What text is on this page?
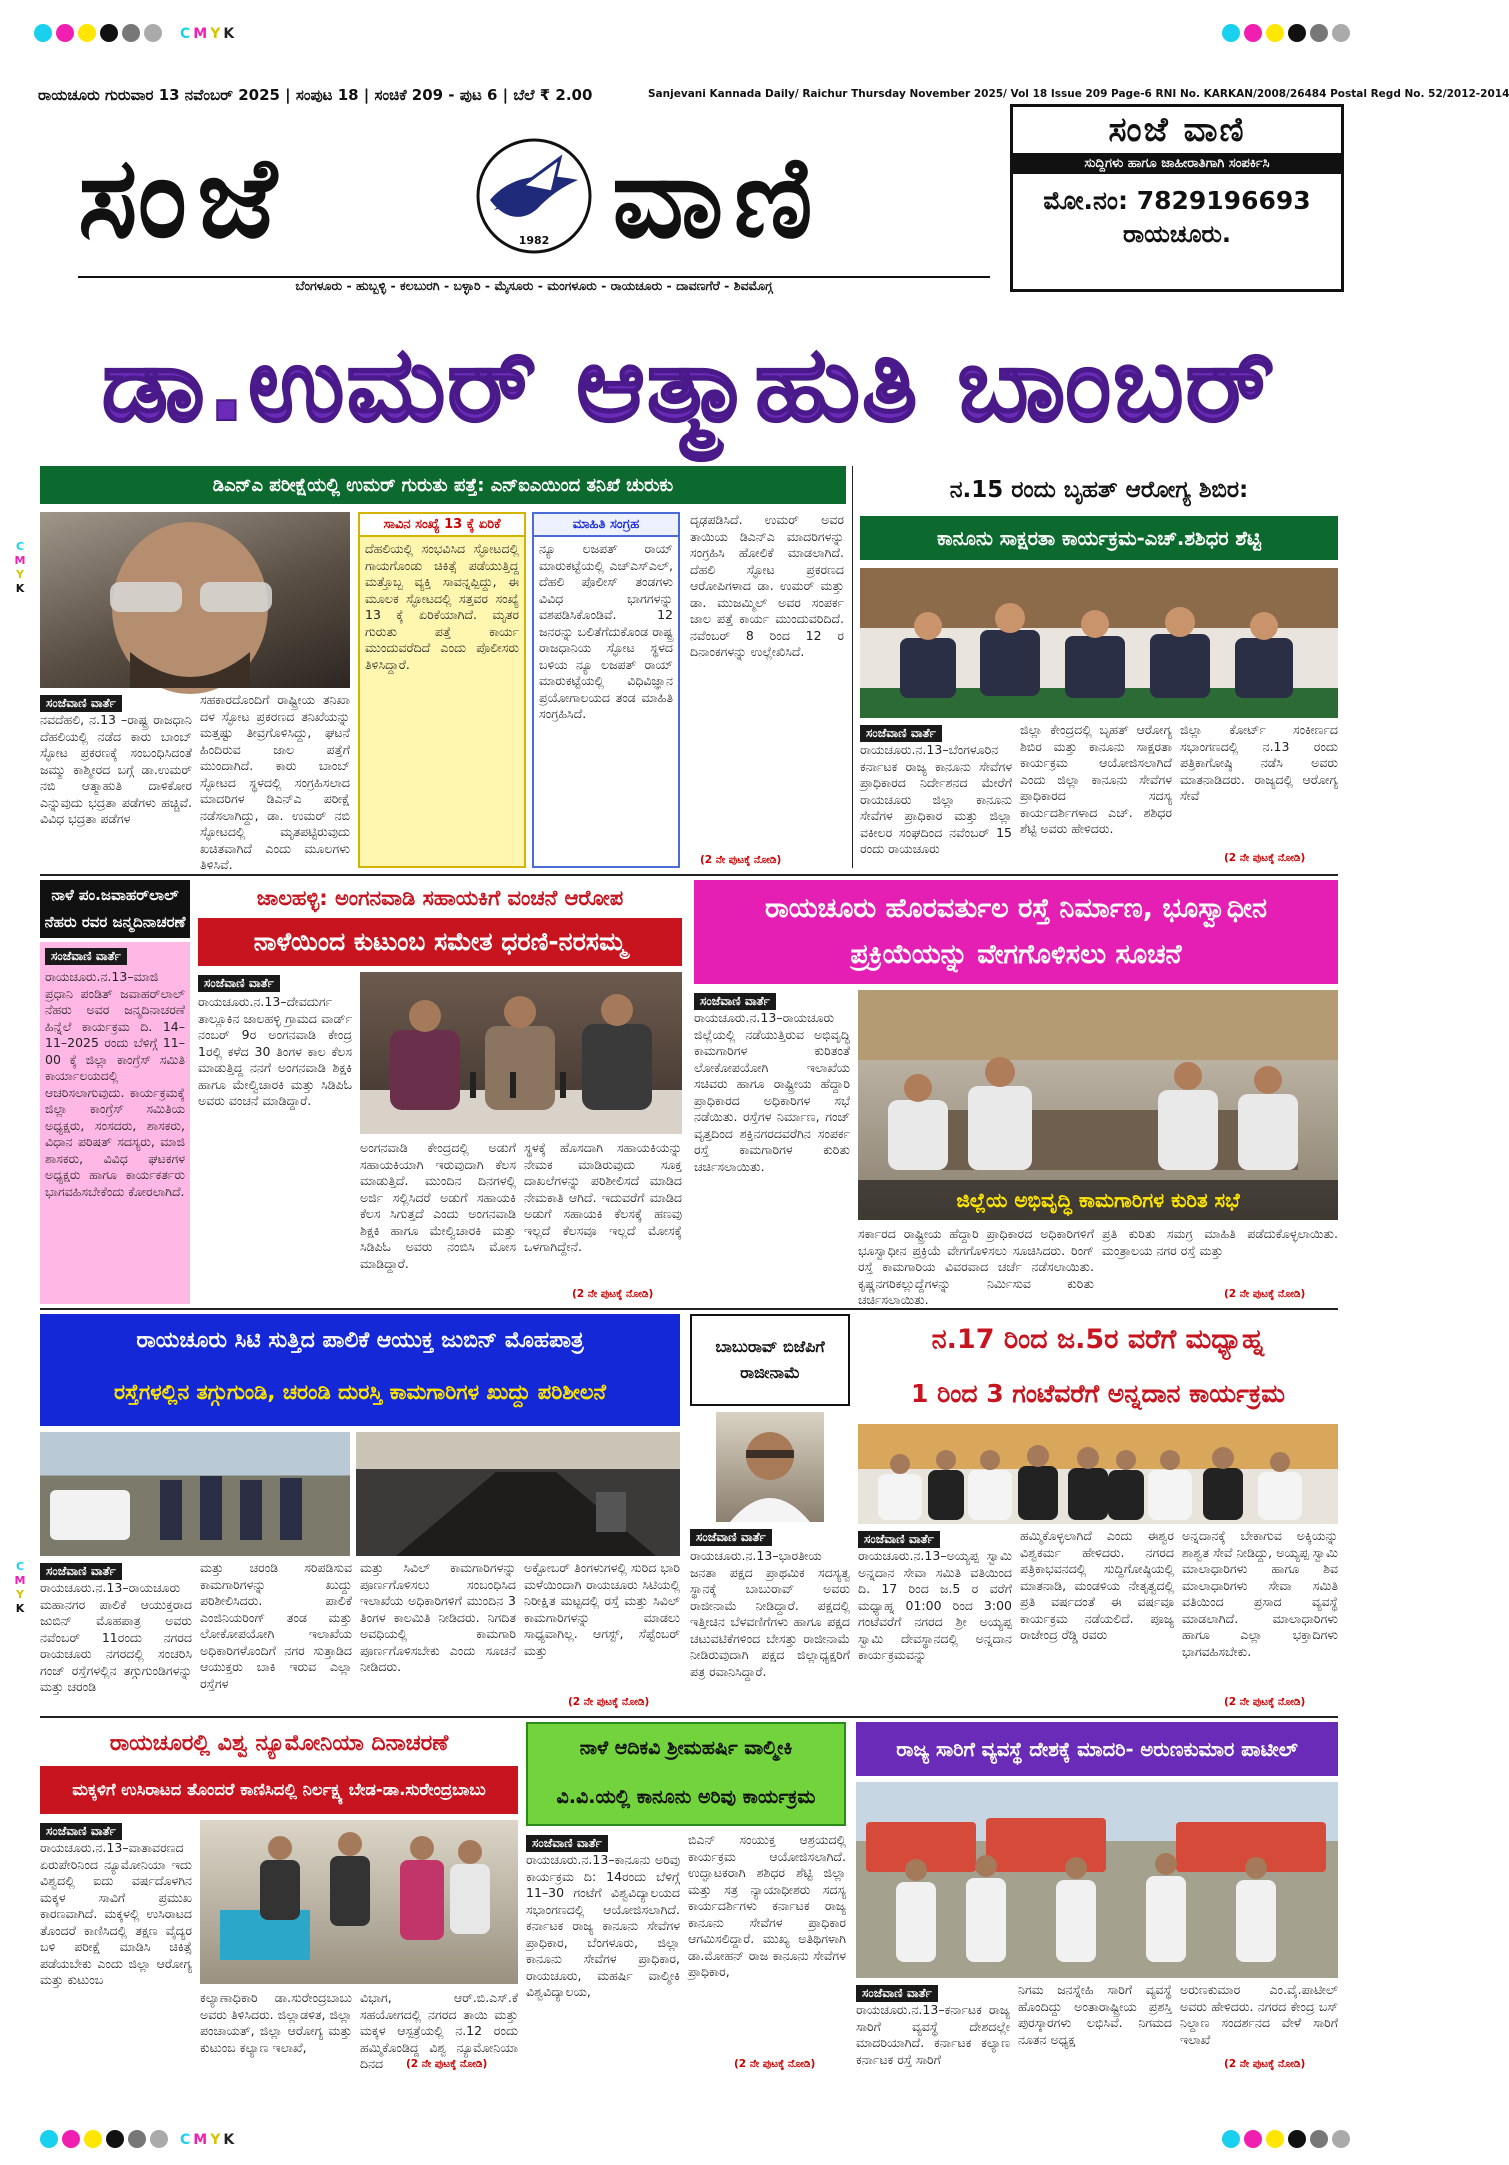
CMYK
ರಾಯಚೂರು ಗುರುವಾರ 13 ನವೆಂಬರ್ 2025 | ಸಂಪುಟ 18 | ಸಂಚಿಕೆ 209 - ಪುಟ 6 | ಬೆಲೆ ₹ 2.00	Sanjevani Kannada Daily/ Raichur Thursday November 2025/ Vol 18 Issue 209 Page-6 RNI No. KARKAN/2008/26484 Postal Regd No. 52/2012-2014
ಸಂಜೆ	1982 ವಾಣಿ
ಬೆಂಗಳೂರು - ಹುಬ್ಬಳ್ಳಿ - ಕಲಬುರಗಿ - ಬಳ್ಳಾರಿ - ಮೈಸೂರು - ಮಂಗಳೂರು - ರಾಯಚೂರು - ದಾವಣಗೆರೆ - ಶಿವಮೊಗ್ಗ
ಸಂಜೆ ವಾಣಿ
ಸುದ್ದಿಗಳು ಹಾಗೂ ಜಾಹೀರಾತಿಗಾಗಿ ಸಂಪರ್ಕಿಸಿ
ಮೋ.ನಂ: 7829196693
ರಾಯಚೂರು.
ಡಾ.ಉಮರ್ ಆತ್ಮಾಹುತಿ ಬಾಂಬರ್
ಡಿಎನ್‌ಎ ಪರೀಕ್ಷೆಯಲ್ಲಿ ಉಮರ್ ಗುರುತು ಪತ್ತೆ: ಎನ್‌ಐಎಯಿಂದ ತನಿಖೆ ಚುರುಕು
ಸಂಜೆವಾಣಿ ವಾರ್ತೆ
ನವದೆಹಲಿ, ನ.13 –ರಾಷ್ಟ್ರ ರಾಜಧಾನಿ ದೆಹಲಿಯಲ್ಲಿ ನಡೆದ ಕಾರು ಬಾಂಬ್ ಸ್ಫೋಟ ಪ್ರಕರಣಕ್ಕೆ ಸಂಬಂಧಿಸಿದಂತೆ ಜಮ್ಮು ಕಾಶ್ಮೀರದ ಬಗ್ಗೆ ಡಾ.ಉಮರ್ ನಬಿ ಆತ್ಮಾಹುತಿ ದಾಳಿಕೋರ ಎನ್ನುವುದು ಭದ್ರತಾ ಪಡೆಗಳು ಹಚ್ಚಿವೆ. ವಿವಿಧ ಭದ್ರತಾ ಪಡೆಗಳ
ಸಹಕಾರದೊಂದಿಗೆ ರಾಷ್ಟ್ರೀಯ ತನಿಖಾ ದಳ ಸ್ಫೋಟ ಪ್ರಕರಣದ ತನಿಖೆಯನ್ನು ಮತ್ತಷ್ಟು ತೀವ್ರಗೊಳಿಸಿದ್ದು, ಘಟನೆ ಹಿಂದಿರುವ ಜಾಲ ಪತ್ತೆಗೆ ಮುಂದಾಗಿದೆ. ಕಾರು ಬಾಂಬ್ ಸ್ಫೋಟದ ಸ್ಥಳದಲ್ಲಿ ಸಂಗ್ರಹಿಸಲಾದ ಮಾದರಿಗಳ ಡಿಎನ್‌ಎ ಪರೀಕ್ಷೆ ನಡೆಸಲಾಗಿದ್ದು, ಡಾ. ಉಮರ್ ನಬಿ ಸ್ಫೋಟದಲ್ಲಿ ಮೃತಪಟ್ಟಿರುವುದು ಖಚಿತವಾಗಿದೆ ಎಂದು ಮೂಲಗಳು ತಿಳಿಸಿವೆ.
ಸಾವಿನ ಸಂಖ್ಯೆ 13 ಕ್ಕೆ ಏರಿಕೆ
ದೆಹಲಿಯಲ್ಲಿ ಸಂಭವಿಸಿದ ಸ್ಫೋಟದಲ್ಲಿ ಗಾಯಗೊಂಡು ಚಿಕಿತ್ಸೆ ಪಡೆಯುತ್ತಿದ್ದ ಮತ್ತೊಬ್ಬ ವ್ಯಕ್ತಿ ಸಾವನ್ನಪ್ಪಿದ್ದು, ಈ ಮೂಲಕ ಸ್ಫೋಟದಲ್ಲಿ ಸತ್ತವರ ಸಂಖ್ಯೆ 13 ಕ್ಕೆ ಏರಿಕೆಯಾಗಿದೆ. ಮೃತರ ಗುರುತು ಪತ್ತೆ ಕಾರ್ಯ ಮುಂದುವರೆದಿದೆ ಎಂದು ಪೊಲೀಸರು ತಿಳಿಸಿದ್ದಾರೆ.
ಮಾಹಿತಿ ಸಂಗ್ರಹ
ನ್ಯೂ ಲಜಪತ್ ರಾಯ್ ಮಾರುಕಟ್ಟೆಯಲ್ಲಿ ಎಚ್‌ಎಸ್‌ಎಲ್, ದೆಹಲಿ ಪೊಲೀಸ್ ತಂಡಗಳು ವಿವಿಧ ಭಾಗಗಳನ್ನು ವಶಪಡಿಸಿಕೊಂಡಿವೆ. 12 ಜನರನ್ನು ಬಲಿತೆಗೆದುಕೊಂಡ ರಾಷ್ಟ್ರ ರಾಜಧಾನಿಯ ಸ್ಫೋಟ ಸ್ಥಳದ ಬಳಿಯ ನ್ಯೂ ಲಜಪತ್ ರಾಯ್ ಮಾರುಕಟ್ಟೆಯಲ್ಲಿ ವಿಧಿವಿಜ್ಞಾನ ಪ್ರಯೋಗಾಲಯದ ತಂಡ ಮಾಹಿತಿ ಸಂಗ್ರಹಿಸಿದೆ.
ದೃಢಪಡಿಸಿದೆ. ಉಮರ್ ಅವರ ತಾಯಿಯ ಡಿಎನ್‌ಎ ಮಾದರಿಗಳನ್ನು ಸಂಗ್ರಹಿಸಿ ಹೋಲಿಕೆ ಮಾಡಲಾಗಿದೆ. ದೆಹಲಿ ಸ್ಫೋಟ ಪ್ರಕರಣದ ಆರೋಪಿಗಳಾದ ಡಾ. ಉಮರ್ ಮತ್ತು ಡಾ. ಮುಜಮ್ಮಿಲ್ ಅವರ ಸಂಪರ್ಕ ಜಾಲ ಪತ್ತೆ ಕಾರ್ಯ ಮುಂದುವರಿದಿದೆ. ನವೆಂಬರ್ 8 ರಿಂದ 12 ರ ದಿನಾಂಕಗಳನ್ನು ಉಲ್ಲೇಖಿಸಿದೆ.
(2 ನೇ ಪುಟಕ್ಕೆ ನೋಡಿ)
ನ.15 ರಂದು ಬೃಹತ್ ಆರೋಗ್ಯ ಶಿಬಿರ:
ಕಾನೂನು ಸಾಕ್ಷರತಾ ಕಾರ್ಯಕ್ರಮ-ಎಚ್.ಶಶಿಧರ ಶೆಟ್ಟಿ
ಸಂಜೆವಾಣಿ ವಾರ್ತೆ
ರಾಯಚೂರು.ನ.13–ಬೆಂಗಳೂರಿನ ಕರ್ನಾಟಕ ರಾಜ್ಯ ಕಾನೂನು ಸೇವೆಗಳ ಪ್ರಾಧಿಕಾರದ ನಿರ್ದೇಶನದ ಮೇರೆಗೆ ರಾಯಚೂರು ಜಿಲ್ಲಾ ಕಾನೂನು ಸೇವೆಗಳ ಪ್ರಾಧಿಕಾರ ಮತ್ತು ಜಿಲ್ಲಾ ವಕೀಲರ ಸಂಘದಿಂದ ನವೆಂಬರ್ 15 ರಂದು ರಾಯಚೂರು
ಜಿಲ್ಲಾ ಕೇಂದ್ರದಲ್ಲಿ ಬೃಹತ್ ಆರೋಗ್ಯ ಶಿಬಿರ ಮತ್ತು ಕಾನೂನು ಸಾಕ್ಷರತಾ ಕಾರ್ಯಕ್ರಮ ಆಯೋಜಿಸಲಾಗಿದೆ ಎಂದು ಜಿಲ್ಲಾ ಕಾನೂನು ಸೇವೆಗಳ ಪ್ರಾಧಿಕಾರದ ಸದಸ್ಯ ಕಾರ್ಯದರ್ಶಿಗಳಾದ ಎಚ್. ಶಶಿಧರ ಶೆಟ್ಟಿ ಅವರು ಹೇಳಿದರು.
ಜಿಲ್ಲಾ ಕೋರ್ಟ್ ಸಂಕೀರ್ಣದ ಸಭಾಂಗಣದಲ್ಲಿ ನ.13 ರಂದು ಪತ್ರಿಕಾಗೋಷ್ಠಿ ನಡೆಸಿ ಅವರು ಮಾತನಾಡಿದರು. ರಾಜ್ಯದಲ್ಲಿ ಆರೋಗ್ಯ ಸೇವೆ
(2 ನೇ ಪುಟಕ್ಕೆ ನೋಡಿ)
ನಾಳೆ ಪಂ.ಜವಾಹರ್‌ಲಾಲ್ ನೆಹರು ರವರ ಜನ್ಮದಿನಾಚರಣೆ
ಸಂಜೆವಾಣಿ ವಾರ್ತೆ
ರಾಯಚೂರು.ನ.13–ಮಾಜಿ ಪ್ರಧಾನಿ ಪಂಡಿತ್ ಜವಾಹರ್‌ಲಾಲ್ ನೆಹರು ಅವರ ಜನ್ಮದಿನಾಚರಣೆ ಹಿನ್ನೆಲೆ ಕಾರ್ಯಕ್ರಮ ದಿ. 14–11–2025 ರಂದು ಬೆಳಿಗ್ಗೆ 11–00 ಕ್ಕೆ ಜಿಲ್ಲಾ ಕಾಂಗ್ರೆಸ್ ಸಮಿತಿ ಕಾರ್ಯಾಲಯದಲ್ಲಿ ಆಚರಿಸಲಾಗುವುದು. ಕಾರ್ಯಕ್ರಮಕ್ಕೆ ಜಿಲ್ಲಾ ಕಾಂಗ್ರೆಸ್ ಸಮಿತಿಯ ಅಧ್ಯಕ್ಷರು, ಸಂಸದರು, ಶಾಸಕರು, ವಿಧಾನ ಪರಿಷತ್ ಸದಸ್ಯರು, ಮಾಜಿ ಶಾಸಕರು, ವಿವಿಧ ಘಟಕಗಳ ಅಧ್ಯಕ್ಷರು ಹಾಗೂ ಕಾರ್ಯಕರ್ತರು ಭಾಗವಹಿಸಬೇಕೆಂದು ಕೋರಲಾಗಿದೆ.
ಜಾಲಹಳ್ಳಿ: ಅಂಗನವಾಡಿ ಸಹಾಯಕಿಗೆ ವಂಚನೆ ಆರೋಪ
ನಾಳೆಯಿಂದ ಕುಟುಂಬ ಸಮೇತ ಧರಣಿ-ನರಸಮ್ಮ
ಸಂಜೆವಾಣಿ ವಾರ್ತೆ
ರಾಯಚೂರು.ನ.13–ದೇವದುರ್ಗ ತಾಲ್ಲೂಕಿನ ಜಾಲಹಳ್ಳಿ ಗ್ರಾಮದ ವಾರ್ಡ್ ನಂಬರ್ 9ರ ಅಂಗನವಾಡಿ ಕೇಂದ್ರ 1ರಲ್ಲಿ ಕಳೆದ 30 ತಿಂಗಳ ಕಾಲ ಕೆಲಸ ಮಾಡುತ್ತಿದ್ದ ನನಗೆ ಅಂಗನವಾಡಿ ಶಿಕ್ಷಕಿ ಹಾಗೂ ಮೇಲ್ವಿಚಾರಕಿ ಮತ್ತು ಸಿಡಿಪಿಓ ಅವರು ವಂಚನೆ ಮಾಡಿದ್ದಾರೆ.
ಅಂಗನವಾಡಿ ಕೇಂದ್ರದಲ್ಲಿ ಅಡುಗೆ ಸಹಾಯಕಿಯಾಗಿ ಇರುವುದಾಗಿ ಕೆಲಸ ಮಾಡುತ್ತಿದೆ. ಮುಂದಿನ ದಿನಗಳಲ್ಲಿ ಅರ್ಜಿ ಸಲ್ಲಿಸಿದರೆ ಅಡುಗೆ ಸಹಾಯಕಿ ಕೆಲಸ ಸಿಗುತ್ತದೆ ಎಂದು ಅಂಗನವಾಡಿ ಶಿಕ್ಷಕಿ ಹಾಗೂ ಮೇಲ್ವಿಚಾರಕಿ ಮತ್ತು ಸಿಡಿಪಿಓ ಅವರು ನಂಬಿಸಿ ಮೋಸ ಮಾಡಿದ್ದಾರೆ.
ಸ್ಥಳಕ್ಕೆ ಹೊಸದಾಗಿ ಸಹಾಯಕಿಯನ್ನು ನೇಮಕ ಮಾಡಿರುವುದು ಸೂಕ್ತ ದಾಖಲೆಗಳನ್ನು ಪರಿಶೀಲಿಸದೆ ಮಾಡಿದ ನೇಮಕಾತಿ ಆಗಿದೆ. ಇದುವರೆಗೆ ಮಾಡಿದ ಅಡುಗೆ ಸಹಾಯಕಿ ಕೆಲಸಕ್ಕೆ ಹಣವು ಇಲ್ಲದೆ ಕೆಲಸವೂ ಇಲ್ಲದೆ ಮೋಸಕ್ಕೆ ಒಳಗಾಗಿದ್ದೇನೆ.
(2 ನೇ ಪುಟಕ್ಕೆ ನೋಡಿ)
ರಾಯಚೂರು ಹೊರವರ್ತುಲ ರಸ್ತೆ ನಿರ್ಮಾಣ, ಭೂಸ್ವಾಧೀನ ಪ್ರಕ್ರಿಯೆಯನ್ನು ವೇಗಗೊಳಿಸಲು ಸೂಚನೆ
ಸಂಜೆವಾಣಿ ವಾರ್ತೆ
ರಾಯಚೂರು.ನ.13–ರಾಯಚೂರು ಜಿಲ್ಲೆಯಲ್ಲಿ ನಡೆಯುತ್ತಿರುವ ಅಭಿವೃದ್ಧಿ ಕಾಮಗಾರಿಗಳ ಕುರಿತಂತೆ ಲೋಕೋಪಯೋಗಿ ಇಲಾಖೆಯ ಸಚಿವರು ಹಾಗೂ ರಾಷ್ಟ್ರೀಯ ಹೆದ್ದಾರಿ ಪ್ರಾಧಿಕಾರದ ಅಧಿಕಾರಿಗಳ ಸಭೆ ನಡೆಯಿತು. ರಸ್ತೆಗಳ ನಿರ್ಮಾಣ, ಗಂಜ್ ವೃತ್ತದಿಂದ ಶಕ್ತಿನಗರದವರೆಗಿನ ಸಂಪರ್ಕ ರಸ್ತೆ ಕಾಮಗಾರಿಗಳ ಕುರಿತು ಚರ್ಚಿಸಲಾಯಿತು.
ಜಿಲ್ಲೆಯ ಅಭಿವೃದ್ಧಿ ಕಾಮಗಾರಿಗಳ ಕುರಿತ ಸಭೆ
ಸರ್ಕಾರದ ರಾಷ್ಟ್ರೀಯ ಹೆದ್ದಾರಿ ಪ್ರಾಧಿಕಾರದ ಅಧಿಕಾರಿಗಳಿಗೆ ಭೂಸ್ವಾಧೀನ ಪ್ರಕ್ರಿಯೆ ವೇಗಗೊಳಿಸಲು ಸೂಚಿಸಿದರು. ರಿಂಗ್ ರಸ್ತೆ ಕಾಮಗಾರಿಯ ವಿವರವಾದ ಚರ್ಚೆ ನಡೆಸಲಾಯಿತು. ಕೃಷ್ಣನಗರಿಕಲ್ಲುದ್ದೆಗಳನ್ನು ನಿರ್ಮಿಸುವ ಕುರಿತು ಚರ್ಚಿಸಲಾಯಿತು.
ಪ್ರತಿ ಕುರಿತು ಸಮಗ್ರ ಮಾಹಿತಿ ಪಡೆದುಕೊಳ್ಳಲಾಯಿತು. ಮಂತ್ರಾಲಯ ನಗರ ರಸ್ತೆ ಮತ್ತು
(2 ನೇ ಪುಟಕ್ಕೆ ನೋಡಿ)
ರಾಯಚೂರು ಸಿಟಿ ಸುತ್ತಿದ ಪಾಲಿಕೆ ಆಯುಕ್ತ ಜುಬಿನ್ ಮೊಹಪಾತ್ರ
ರಸ್ತೆಗಳಲ್ಲಿನ ತಗ್ಗುಗುಂಡಿ, ಚರಂಡಿ ದುರಸ್ತಿ ಕಾಮಗಾರಿಗಳ ಖುದ್ದು ಪರಿಶೀಲನೆ
ಸಂಜೆವಾಣಿ ವಾರ್ತೆ
ರಾಯಚೂರು.ನ.13–ರಾಯಚೂರು ಮಹಾನಗರ ಪಾಲಿಕೆ ಆಯುಕ್ತರಾದ ಜುಬಿನ್ ಮೊಹಪಾತ್ರ ಅವರು ನವೆಂಬರ್ 11ರಂದು ನಗರದ ರಾಯಚೂರು ನಗರದಲ್ಲಿ ಸಂಚರಿಸಿ ಗಂಜ್ ರಸ್ತೆಗಳಲ್ಲಿನ ತಗ್ಗುಗುಂಡಿಗಳನ್ನು ಮತ್ತು ಚರಂಡಿ
ಮತ್ತು ಚರಂಡಿ ಸರಿಪಡಿಸುವ ಕಾಮಗಾರಿಗಳನ್ನು ಖುದ್ದು ಪರಿಶೀಲಿಸಿದರು. ಪಾಲಿಕೆ ಎಂಜಿನಿಯರಿಂಗ್ ತಂಡ ಮತ್ತು ಲೋಕೋಪಯೋಗಿ ಇಲಾಖೆಯ ಅಧಿಕಾರಿಗಳೊಂದಿಗೆ ನಗರ ಸುತ್ತಾಡಿದ ಆಯುಕ್ತರು ಬಾಕಿ ಇರುವ ಎಲ್ಲಾ ರಸ್ತೆಗಳ
ಮತ್ತು ಸಿವಿಲ್ ಕಾಮಗಾರಿಗಳನ್ನು ಪೂರ್ಣಗೊಳಿಸಲು ಸಂಬಂಧಿಸಿದ ಇಲಾಖೆಯ ಅಧಿಕಾರಿಗಳಿಗೆ ಮುಂದಿನ 3 ತಿಂಗಳ ಕಾಲಮಿತಿ ನೀಡಿದರು. ನಿಗದಿತ ಅವಧಿಯಲ್ಲಿ ಕಾಮಗಾರಿ ಪೂರ್ಣಗೊಳಿಸಬೇಕು ಎಂದು ಸೂಚನೆ ನೀಡಿದರು.
ಅಕ್ಟೋಬರ್ ತಿಂಗಳುಗಳಲ್ಲಿ ಸುರಿದ ಭಾರಿ ಮಳೆಯಿಂದಾಗಿ ರಾಯಚೂರು ಸಿಟಿಯಲ್ಲಿ ನಿರೀಕ್ಷಿತ ಮಟ್ಟದಲ್ಲಿ ರಸ್ತೆ ಮತ್ತು ಸಿವಿಲ್ ಕಾಮಗಾರಿಗಳನ್ನು ಮಾಡಲು ಸಾಧ್ಯವಾಗಿಲ್ಲ. ಆಗಸ್ಟ್, ಸೆಪ್ಟೆಂಬರ್ ಮತ್ತು
(2 ನೇ ಪುಟಕ್ಕೆ ನೋಡಿ)
ಬಾಬುರಾವ್ ಬಿಜೆಪಿಗೆ ರಾಜೀನಾಮೆ
ಸಂಜೆವಾಣಿ ವಾರ್ತೆ
ರಾಯಚೂರು.ನ.13–ಭಾರತೀಯ ಜನತಾ ಪಕ್ಷದ ಪ್ರಾಥಮಿಕ ಸದಸ್ಯತ್ವ ಸ್ಥಾನಕ್ಕೆ ಬಾಬುರಾವ್ ಅವರು ರಾಜೀನಾಮೆ ನೀಡಿದ್ದಾರೆ. ಪಕ್ಷದಲ್ಲಿ ಇತ್ತೀಚಿನ ಬೆಳವಣಿಗೆಗಳು ಹಾಗೂ ಪಕ್ಷದ ಚಟುವಟಿಕೆಗಳಿಂದ ಬೇಸತ್ತು ರಾಜೀನಾಮೆ ನೀಡಿರುವುದಾಗಿ ಪಕ್ಷದ ಜಿಲ್ಲಾಧ್ಯಕ್ಷರಿಗೆ ಪತ್ರ ರವಾನಿಸಿದ್ದಾರೆ.
ನ.17 ರಿಂದ ಜ.5ರ ವರೆಗೆ ಮಧ್ಯಾಹ್ನ
1 ರಿಂದ 3 ಗಂಟೆವರೆಗೆ ಅನ್ನದಾನ ಕಾರ್ಯಕ್ರಮ
ಸಂಜೆವಾಣಿ ವಾರ್ತೆ
ರಾಯಚೂರು.ನ.13–ಅಯ್ಯಪ್ಪ ಸ್ವಾಮಿ ಅನ್ನದಾನ ಸೇವಾ ಸಮಿತಿ ವತಿಯಿಂದ ದಿ. 17 ರಿಂದ ಜ.5 ರ ವರೆಗೆ ಮಧ್ಯಾಹ್ನ 01:00 ರಿಂದ 3:00 ಗಂಟೆವರೆಗೆ ನಗರದ ಶ್ರೀ ಅಯ್ಯಪ್ಪ ಸ್ವಾಮಿ ದೇವಸ್ಥಾನದಲ್ಲಿ ಅನ್ನದಾನ ಕಾರ್ಯಕ್ರಮವನ್ನು
ಹಮ್ಮಿಕೊಳ್ಳಲಾಗಿದೆ ಎಂದು ಈಶ್ವರ ವಿಶ್ವಕರ್ಮ ಹೇಳಿದರು. ನಗರದ ಪತ್ರಿಕಾಭವನದಲ್ಲಿ ಸುದ್ದಿಗೋಷ್ಠಿಯಲ್ಲಿ ಮಾತನಾಡಿ, ಮಂಡಳಿಯ ನೇತೃತ್ವದಲ್ಲಿ ಪ್ರತಿ ವರ್ಷದಂತೆ ಈ ವರ್ಷವೂ ಕಾರ್ಯಕ್ರಮ ನಡೆಯಲಿದೆ. ಪೂಜ್ಯ ರಾಜೇಂದ್ರ ರೆಡ್ಡಿ ರವರು
ಅನ್ನದಾನಕ್ಕೆ ಬೇಕಾಗುವ ಅಕ್ಕಿಯನ್ನು ಶಾಶ್ವತ ಸೇವೆ ನೀಡಿದ್ದು, ಅಯ್ಯಪ್ಪ ಸ್ವಾಮಿ ಮಾಲಾಧಾರಿಗಳು ಹಾಗೂ ಶಿವ ಮಾಲಾಧಾರಿಗಳು ಸೇವಾ ಸಮಿತಿ ವತಿಯಿಂದ ಪ್ರಸಾದ ವ್ಯವಸ್ಥೆ ಮಾಡಲಾಗಿದೆ. ಮಾಲಾಧಾರಿಗಳು ಹಾಗೂ ಎಲ್ಲಾ ಭಕ್ತಾದಿಗಳು ಭಾಗವಹಿಸಬೇಕು.
(2 ನೇ ಪುಟಕ್ಕೆ ನೋಡಿ)
ರಾಯಚೂರಲ್ಲಿ ವಿಶ್ವ ನ್ಯೂಮೋನಿಯಾ ದಿನಾಚರಣೆ
ಮಕ್ಕಳಿಗೆ ಉಸಿರಾಟದ ತೊಂದರೆ ಕಾಣಿಸಿದಲ್ಲಿ ನಿರ್ಲಕ್ಷ್ಯ ಬೇಡ-ಡಾ.ಸುರೇಂದ್ರಬಾಬು
ಸಂಜೆವಾಣಿ ವಾರ್ತೆ
ರಾಯಚೂರು.ನ.13–ವಾತಾವರಣದ ಏರುಪೇರಿನಿಂದ ನ್ಯೂಮೋನಿಯಾ ಇದು ವಿಶ್ವದಲ್ಲಿ ಐದು ವರ್ಷದೊಳಗಿನ ಮಕ್ಕಳ ಸಾವಿಗೆ ಪ್ರಮುಖ ಕಾರಣವಾಗಿದೆ. ಮಕ್ಕಳಲ್ಲಿ ಉಸಿರಾಟದ ತೊಂದರೆ ಕಾಣಿಸಿದಲ್ಲಿ ತಕ್ಷಣ ವೈದ್ಯರ ಬಳಿ ಪರೀಕ್ಷೆ ಮಾಡಿಸಿ ಚಿಕಿತ್ಸೆ ಪಡೆಯಬೇಕು ಎಂದು ಜಿಲ್ಲಾ ಆರೋಗ್ಯ ಮತ್ತು ಕುಟುಂಬ
ಕಲ್ಯಾಣಾಧಿಕಾರಿ ಡಾ.ಸುರೇಂದ್ರಬಾಬು ಅವರು ತಿಳಿಸಿದರು. ಜಿಲ್ಲಾಡಳಿತ, ಜಿಲ್ಲಾ ಪಂಚಾಯತ್, ಜಿಲ್ಲಾ ಆರೋಗ್ಯ ಮತ್ತು ಕುಟುಂಬ ಕಲ್ಯಾಣ ಇಲಾಖೆ,
ವಿಭಾಗ, ಆರ್.ಬಿ.ಎಸ್.ಕೆ ಸಹಯೋಗದಲ್ಲಿ ನಗರದ ತಾಯಿ ಮತ್ತು ಮಕ್ಕಳ ಆಸ್ಪತ್ರೆಯಲ್ಲಿ ನ.12 ರಂದು ಹಮ್ಮಿಕೊಂಡಿದ್ದ ವಿಶ್ವ ನ್ಯೂಮೋನಿಯಾ ದಿನದ	(2 ನೇ ಪುಟಕ್ಕೆ ನೋಡಿ)
ನಾಳೆ ಆದಿಕವಿ ಶ್ರೀಮಹರ್ಷಿ ವಾಲ್ಮೀಕಿ
ವಿ.ವಿ.ಯಲ್ಲಿ ಕಾನೂನು ಅರಿವು ಕಾರ್ಯಕ್ರಮ
ಸಂಜೆವಾಣಿ ವಾರ್ತೆ
ರಾಯಚೂರು.ನ.13–ಕಾನೂನು ಅರಿವು ಕಾರ್ಯಕ್ರಮ ದಿ: 14ರಂದು ಬೆಳಿಗ್ಗೆ 11–30 ಗಂಟೆಗೆ ವಿಶ್ವವಿದ್ಯಾಲಯದ ಸಭಾಂಗಣದಲ್ಲಿ ಆಯೋಜಿಸಲಾಗಿದೆ. ಕರ್ನಾಟಕ ರಾಜ್ಯ ಕಾನೂನು ಸೇವೆಗಳ ಪ್ರಾಧಿಕಾರ, ಬೆಂಗಳೂರು, ಜಿಲ್ಲಾ ಕಾನೂನು ಸೇವೆಗಳ ಪ್ರಾಧಿಕಾರ, ರಾಯಚೂರು, ಮಹರ್ಷಿ ವಾಲ್ಮೀಕಿ ವಿಶ್ವವಿದ್ಯಾಲಯ,
ಬಿಎನ್ ಸಂಯುಕ್ತ ಆಶ್ರಯದಲ್ಲಿ ಕಾರ್ಯಕ್ರಮ ಆಯೋಜಿಸಲಾಗಿದೆ. ಉದ್ಘಾಟಕರಾಗಿ ಶಶಿಧರ ಶೆಟ್ಟಿ ಜಿಲ್ಲಾ ಮತ್ತು ಸತ್ರ ನ್ಯಾಯಾಧೀಶರು ಸದಸ್ಯ ಕಾರ್ಯದರ್ಶಿಗಳು ಕರ್ನಾಟಕ ರಾಜ್ಯ ಕಾನೂನು ಸೇವೆಗಳ ಪ್ರಾಧಿಕಾರ ಆಗಮಿಸಲಿದ್ದಾರೆ. ಮುಖ್ಯ ಅತಿಥಿಗಳಾಗಿ ಡಾ.ಮೋಹನ್ ರಾಜ ಕಾನೂನು ಸೇವೆಗಳ ಪ್ರಾಧಿಕಾರ,
(2 ನೇ ಪುಟಕ್ಕೆ ನೋಡಿ)
ರಾಜ್ಯ ಸಾರಿಗೆ ವ್ಯವಸ್ಥೆ ದೇಶಕ್ಕೆ ಮಾದರಿ- ಅರುಣಕುಮಾರ ಪಾಟೀಲ್
ಸಂಜೆವಾಣಿ ವಾರ್ತೆ
ರಾಯಚೂರು.ನ.13–ಕರ್ನಾಟಕ ರಾಜ್ಯ ಸಾರಿಗೆ ವ್ಯವಸ್ಥೆ ದೇಶದಲ್ಲೇ ಮಾದರಿಯಾಗಿದೆ. ಕರ್ನಾಟಕ ಕಲ್ಯಾಣ ಕರ್ನಾಟಕ ರಸ್ತೆ ಸಾರಿಗೆ
ನಿಗಮ ಜನಸ್ನೇಹಿ ಸಾರಿಗೆ ವ್ಯವಸ್ಥೆ ಹೊಂದಿದ್ದು ಅಂತಾರಾಷ್ಟ್ರೀಯ ಪ್ರಶಸ್ತಿ ಪುರಸ್ಕಾರಗಳು ಲಭಿಸಿವೆ. ನಿಗಮದ ನೂತನ ಅಧ್ಯಕ್ಷ
ಅರುಣಕುಮಾರ ಎಂ.ವೈ.ಪಾಟೀಲ್ ಅವರು ಹೇಳಿದರು. ನಗರದ ಕೇಂದ್ರ ಬಸ್ ನಿಲ್ದಾಣ ಸಂದರ್ಶನದ ವೇಳೆ ಸಾರಿಗೆ ಇಲಾಖೆ
(2 ನೇ ಪುಟಕ್ಕೆ ನೋಡಿ)
C
M
Y
K
C
M
Y
K
CMYK
